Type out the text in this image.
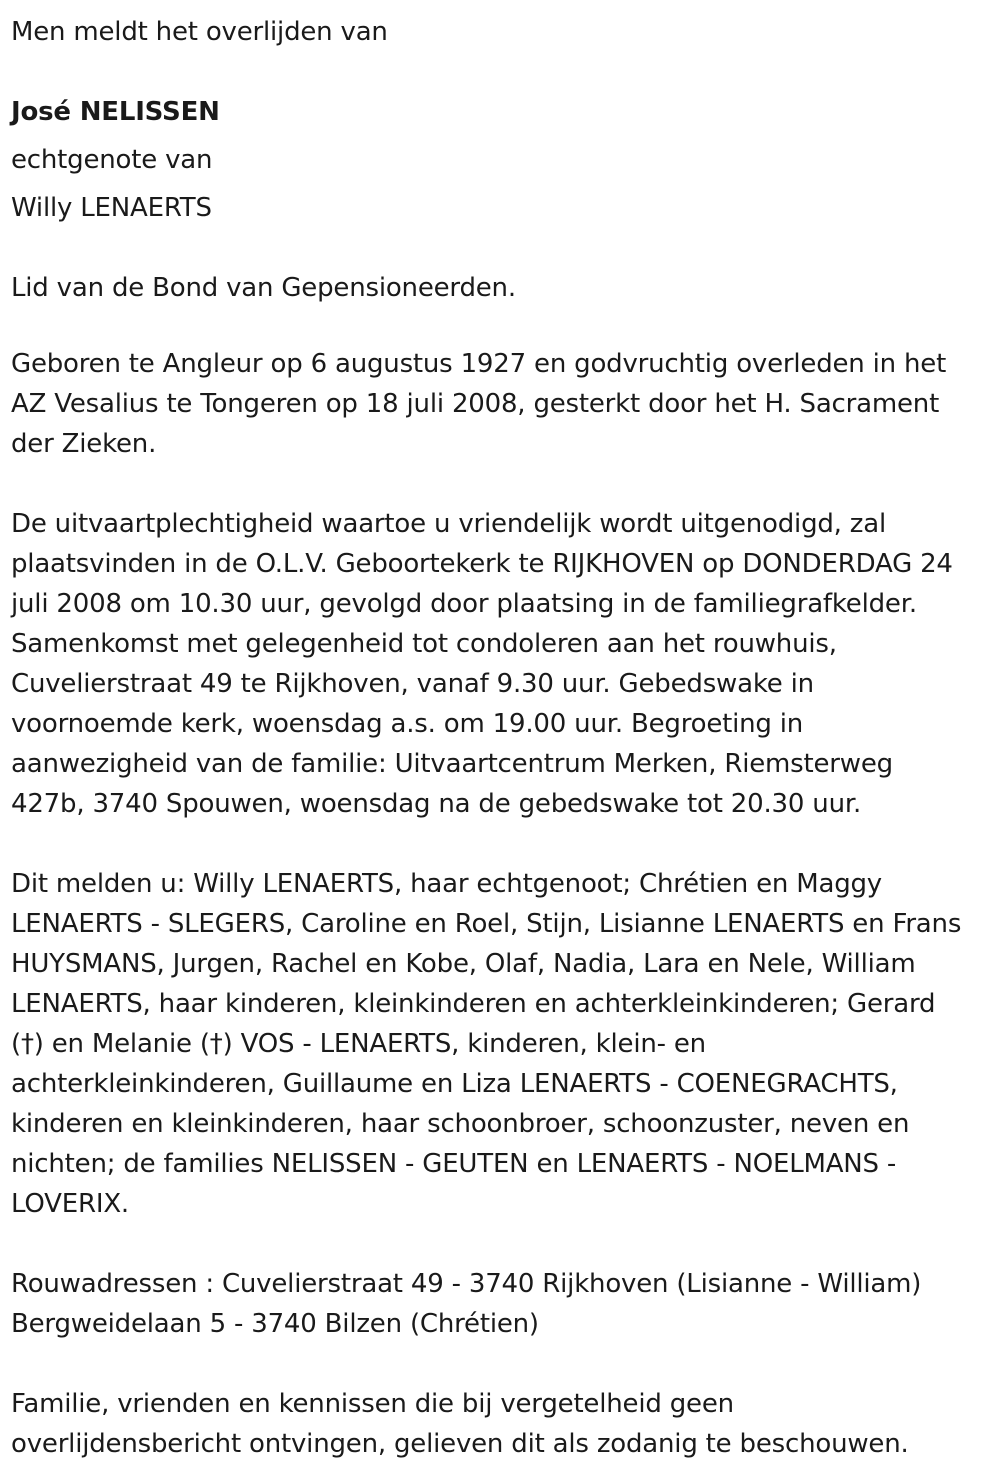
Men meldt het overlijden van

José NELISSEN

echtgenote van

Willy LENAERTS

Lid van de Bond van Gepensioneerden.

Geboren te Angleur op 6 augustus 1927 en godvruchtig overleden in het

AZ Vesalius te Tongeren op 18 juli 2008, gesterkt door het H. Sacrament

der Zieken.

De uitvaartplechtigheid waartoe u vriendelijk wordt uitgenodigd, zal

plaatsvinden in de O.L.V. Geboortekerk te RIJKHOVEN op DONDERDAG 24

juli 2008 om 10.30 uur, gevolgd door plaatsing in de familiegrafkelder.

Samenkomst met gelegenheid tot condoleren aan het rouwhuis,

Cuvelierstraat 49 te Rijkhoven, vanaf 9.30 uur. Gebedswake in

voornoemde kerk, woensdag a.s. om 19.00 uur. Begroeting in

aanwezigheid van de familie: Uitvaartcentrum Merken, Riemsterweg

427b, 3740 Spouwen, woensdag na de gebedswake tot 20.30 uur.

Dit melden u: Willy LENAERTS, haar echtgenoot; Chrétien en Maggy

LENAERTS - SLEGERS, Caroline en Roel, Stijn, Lisianne LENAERTS en Frans

HUYSMANS, Jurgen, Rachel en Kobe, Olaf, Nadia, Lara en Nele, William

LENAERTS, haar kinderen, kleinkinderen en achterkleinkinderen; Gerard

(†) en Melanie (†) VOS - LENAERTS, kinderen, klein- en

achterkleinkinderen, Guillaume en Liza LENAERTS - COENEGRACHTS,

kinderen en kleinkinderen, haar schoonbroer, schoonzuster, neven en

nichten; de families NELISSEN - GEUTEN en LENAERTS - NOELMANS -

LOVERIX.

Rouwadressen : Cuvelierstraat 49 - 3740 Rijkhoven (Lisianne - William)

Bergweidelaan 5 - 3740 Bilzen (Chrétien)

Familie, vrienden en kennissen die bij vergetelheid geen

overlijdensbericht ontvingen, gelieven dit als zodanig te beschouwen.
